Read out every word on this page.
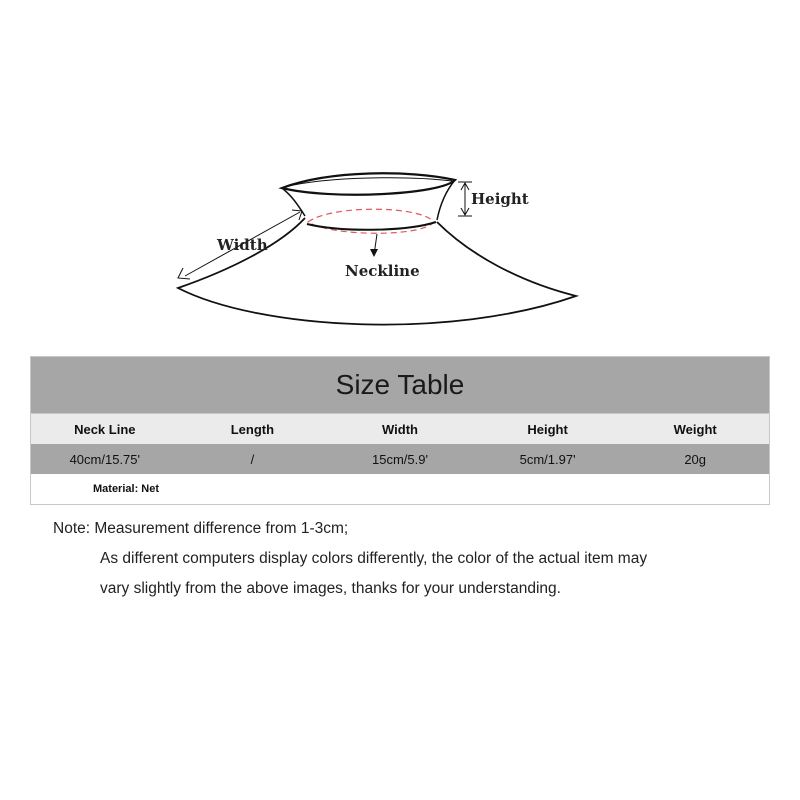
Height
Width
Neckline
Size Table
Neck Line	Length	Width	Height	Weight
40cm/15.75'	/	15cm/5.9'	5cm/1.97'	20g
Material: Net
Note: Measurement difference from 1-3cm;
As different computers display colors differently, the color of the actual item may
vary slightly from the above images, thanks for your understanding.
